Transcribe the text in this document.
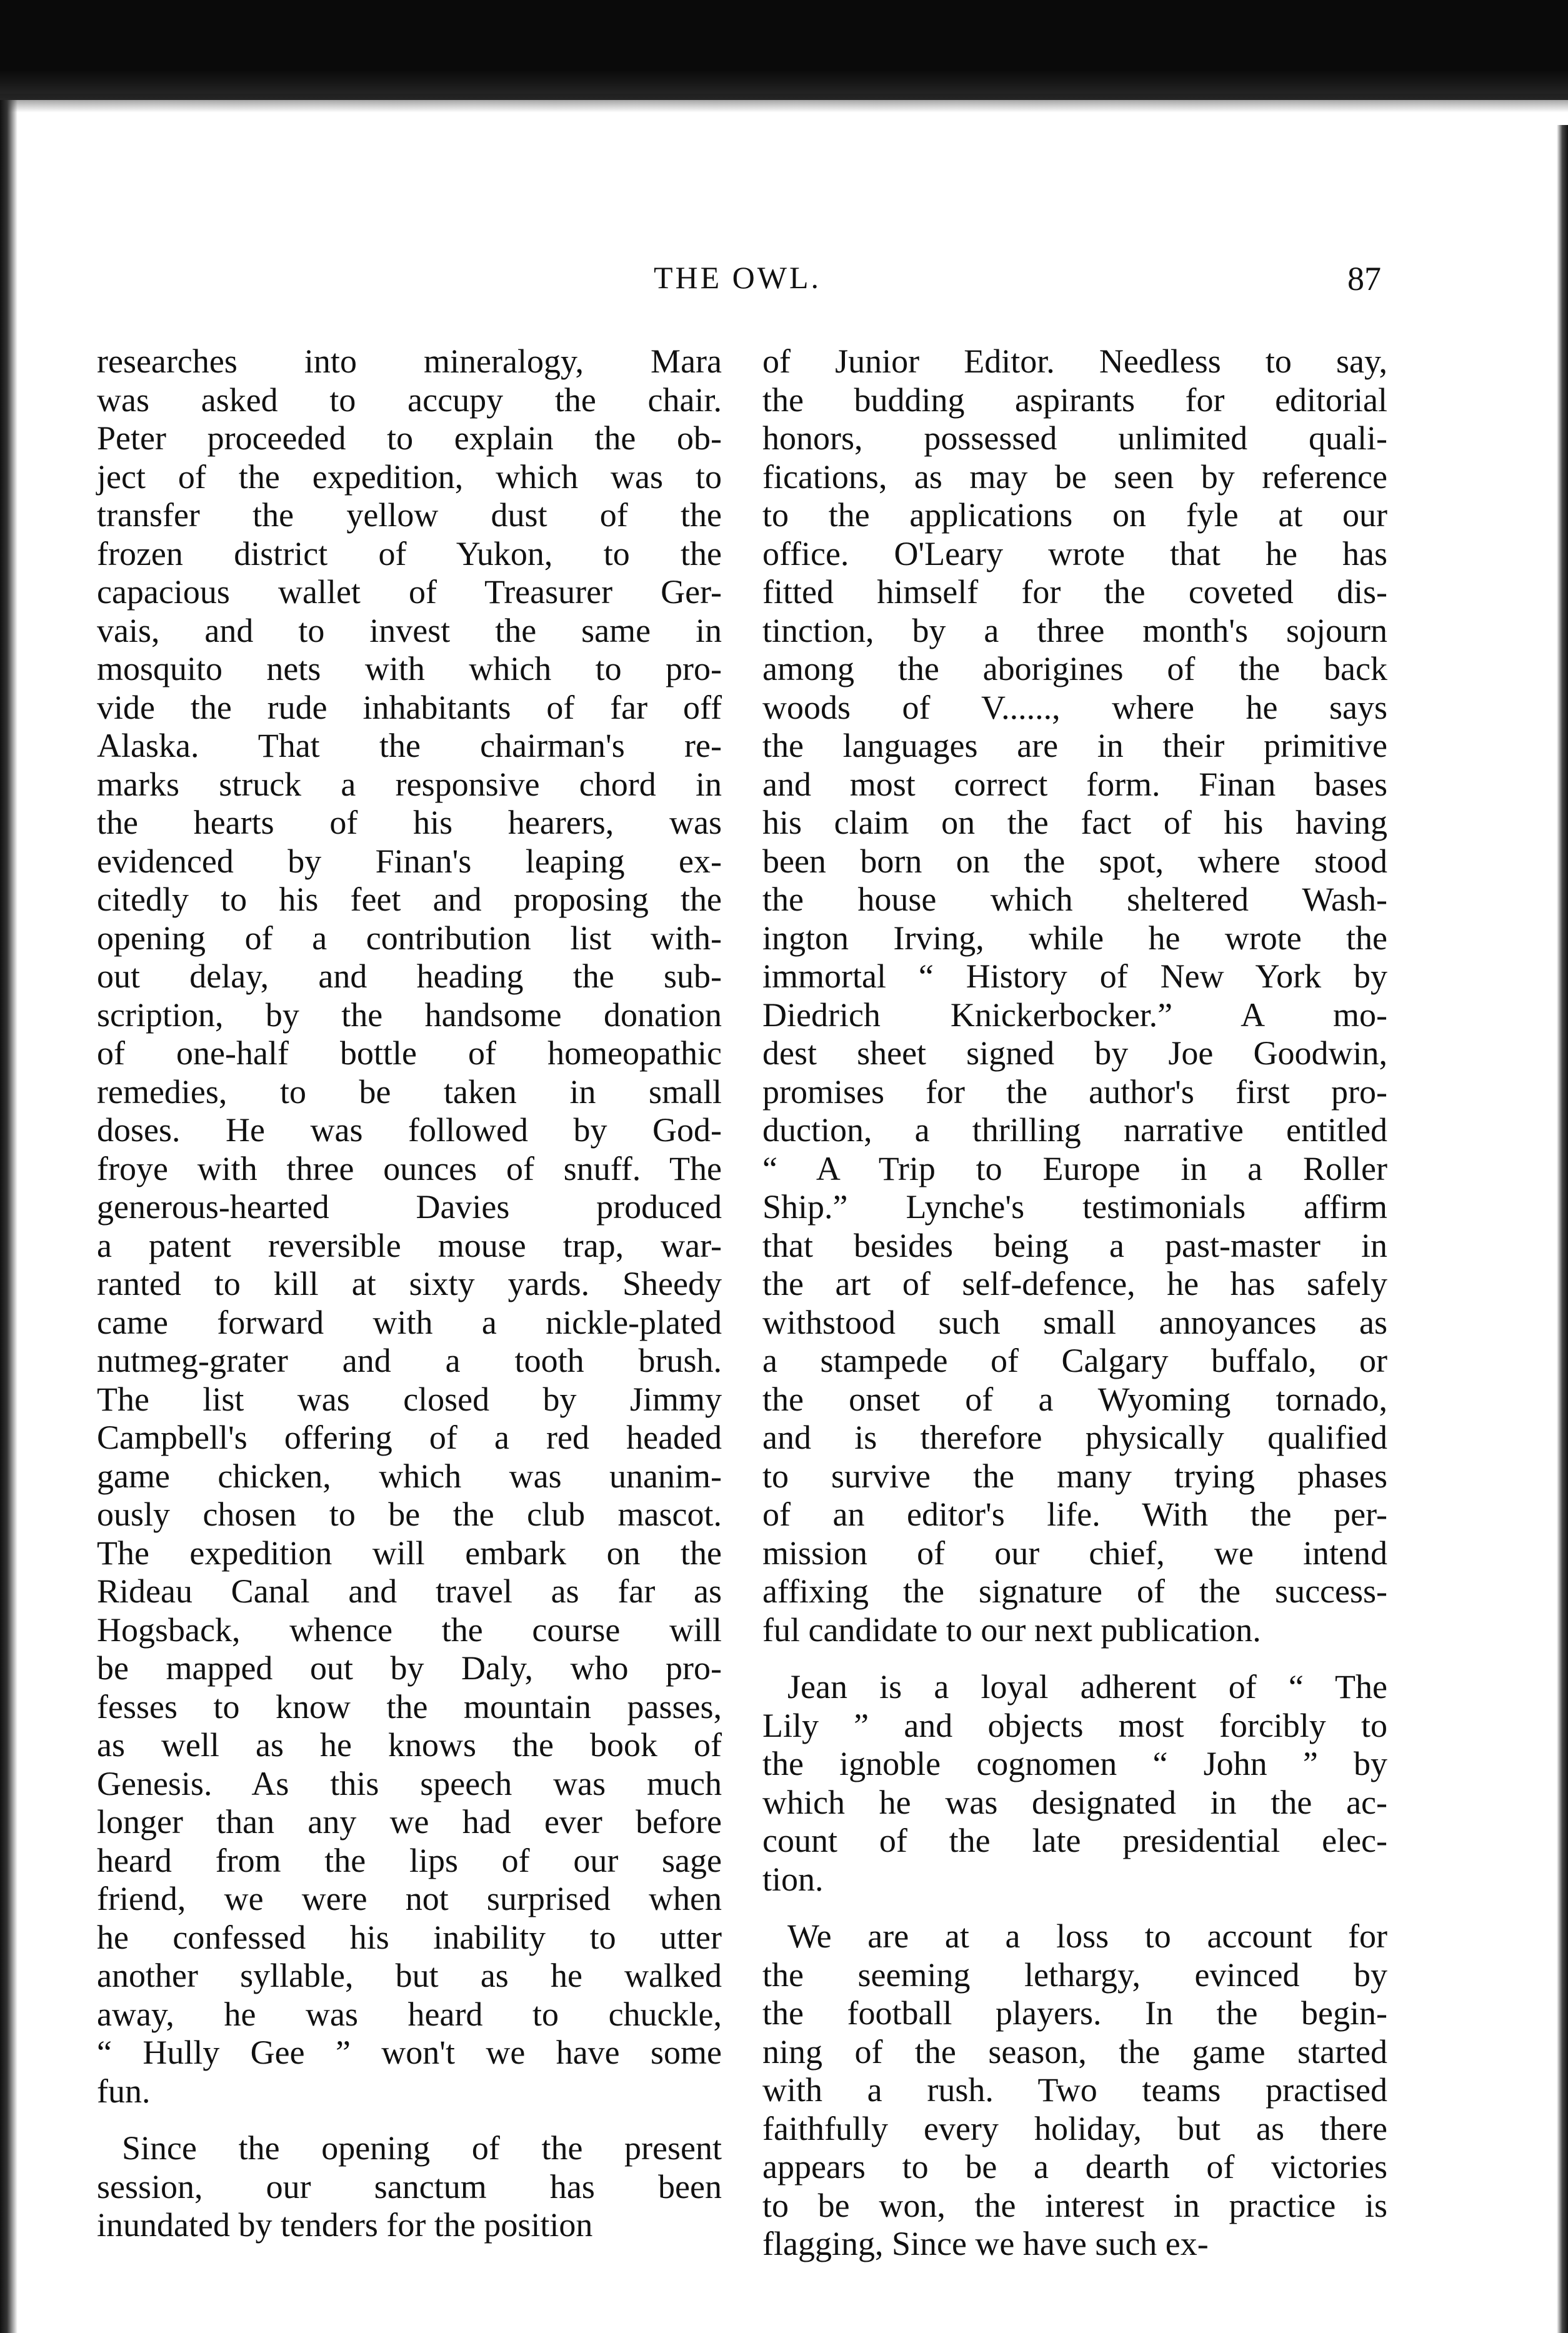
THE OWL.	87
researches into mineralogy, Mara
was asked to accupy the chair.
Peter proceeded to explain the ob-
ject of the expedition, which was to
transfer the yellow dust of the
frozen district of Yukon, to the
capacious wallet of Treasurer Ger-
vais, and to invest the same in
mosquito nets with which to pro-
vide the rude inhabitants of far off
Alaska. That the chairman's re-
marks struck a responsive chord in
the hearts of his hearers, was
evidenced by Finan's leaping ex-
citedly to his feet and proposing the
opening of a contribution list with-
out delay, and heading the sub-
scription, by the handsome donation
of one-half bottle of homeopathic
remedies, to be taken in small
doses. He was followed by God-
froye with three ounces of snuff. The
generous-hearted Davies produced
a patent reversible mouse trap, war-
ranted to kill at sixty yards. Sheedy
came forward with a nickle-plated
nutmeg-grater and a tooth brush.
The list was closed by Jimmy
Campbell's offering of a red headed
game chicken, which was unanim-
ously chosen to be the club mascot.
The expedition will embark on the
Rideau Canal and travel as far as
Hogsback, whence the course will
be mapped out by Daly, who pro-
fesses to know the mountain passes,
as well as he knows the book of
Genesis. As this speech was much
longer than any we had ever before
heard from the lips of our sage
friend, we were not surprised when
he confessed his inability to utter
another syllable, but as he walked
away, he was heard to chuckle,
“ Hully Gee ” won't we have some
fun.
Since the opening of the present
session, our sanctum has been
inundated by tenders for the position
of Junior Editor. Needless to say,
the budding aspirants for editorial
honors, possessed unlimited quali-
fications, as may be seen by reference
to the applications on fyle at our
office. O'Leary wrote that he has
fitted himself for the coveted dis-
tinction, by a three month's sojourn
among the aborigines of the back
woods of V......, where he says
the languages are in their primitive
and most correct form. Finan bases
his claim on the fact of his having
been born on the spot, where stood
the house which sheltered Wash-
ington Irving, while he wrote the
immortal “ History of New York by
Diedrich Knickerbocker.” A mo-
dest sheet signed by Joe Goodwin,
promises for the author's first pro-
duction, a thrilling narrative entitled
“ A Trip to Europe in a Roller
Ship.” Lynche's testimonials affirm
that besides being a past-master in
the art of self-defence, he has safely
withstood such small annoyances as
a stampede of Calgary buffalo, or
the onset of a Wyoming tornado,
and is therefore physically qualified
to survive the many trying phases
of an editor's life. With the per-
mission of our chief, we intend
affixing the signature of the success-
ful candidate to our next publication.
Jean is a loyal adherent of “ The
Lily ” and objects most forcibly to
the ignoble cognomen “ John ” by
which he was designated in the ac-
count of the late presidential elec-
tion.
We are at a loss to account for
the seeming lethargy, evinced by
the football players. In the begin-
ning of the season, the game started
with a rush. Two teams practised
faithfully every holiday, but as there
appears to be a dearth of victories
to be won, the interest in practice is
flagging, Since we have such ex-
